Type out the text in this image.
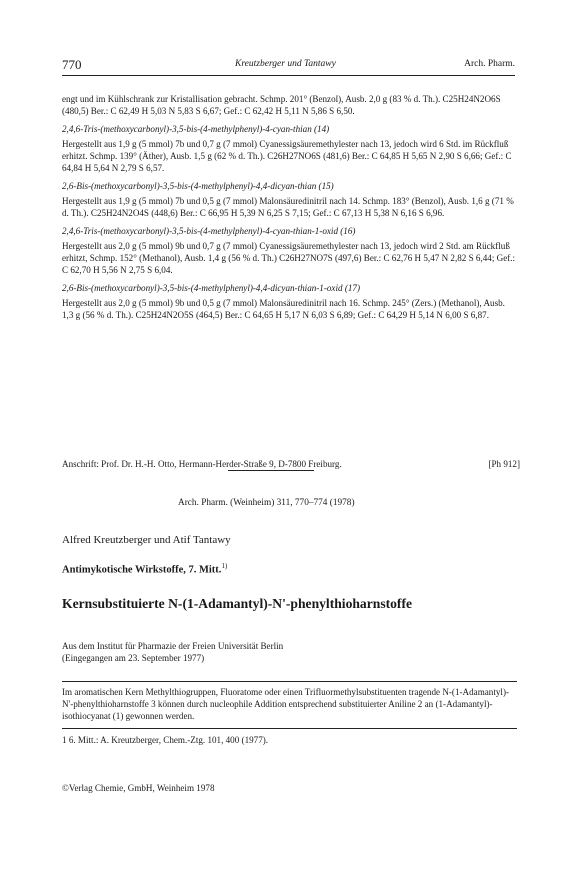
770	Kreutzberger und Tantawy	Arch. Pharm.

engt und im Kühlschrank zur Kristallisation gebracht. Schmp. 201° (Benzol), Ausb. 2,0 g (83 % d. Th.). C25H24N2O6S (480,5) Ber.: C 62,49 H 5,03 N 5,83 S 6,67; Gef.: C 62,42 H 5,11 N 5,86 S 6,50.

2,4,6-Tris-(methoxycarbonyl)-3,5-bis-(4-methylphenyl)-4-cyan-thian (14)

Hergestellt aus 1,9 g (5 mmol) 7b und 0,7 g (7 mmol) Cyanessigsäuremethylester nach 13, jedoch wird 6 Std. im Rückfluß erhitzt. Schmp. 139° (Äther), Ausb. 1,5 g (62 % d. Th.). C26H27NO6S (481,6) Ber.: C 64,85 H 5,65 N 2,90 S 6,66; Gef.: C 64,84 H 5,64 N 2,79 S 6,57.

2,6-Bis-(methoxycarbonyl)-3,5-bis-(4-methylphenyl)-4,4-dicyan-thian (15)

Hergestellt aus 1,9 g (5 mmol) 7b und 0,5 g (7 mmol) Malonsäuredinitril nach 14. Schmp. 183° (Benzol), Ausb. 1,6 g (71 % d. Th.). C25H24N2O4S (448,6) Ber.: C 66,95 H 5,39 N 6,25 S 7,15; Gef.: C 67,13 H 5,38 N 6,16 S 6,96.

2,4,6-Tris-(methoxycarbonyl)-3,5-bis-(4-methylphenyl)-4-cyan-thian-1-oxid (16)

Hergestellt aus 2,0 g (5 mmol) 9b und 0,7 g (7 mmol) Cyanessigsäuremethylester nach 13, jedoch wird 2 Std. am Rückfluß erhitzt, Schmp. 152° (Methanol), Ausb. 1,4 g (56 % d. Th.) C26H27NO7S (497,6) Ber.: C 62,76 H 5,47 N 2,82 S 6,44; Gef.: C 62,70 H 5,56 N 2,75 S 6,04.

2,6-Bis-(methoxycarbonyl)-3,5-bis-(4-methylphenyl)-4,4-dicyan-thian-1-oxid (17)

Hergestellt aus 2,0 g (5 mmol) 9b und 0,5 g (7 mmol) Malonsäuredinitril nach 16. Schmp. 245° (Zers.) (Methanol), Ausb. 1,3 g (56 % d. Th.). C25H24N2O5S (464,5) Ber.: C 64,65 H 5,17 N 6,03 S 6,89; Gef.: C 64,29 H 5,14 N 6,00 S 6,87.

Anschrift: Prof. Dr. H.-H. Otto, Hermann-Herder-Straße 9, D-7800 Freiburg.	[Ph 912]
Arch. Pharm. (Weinheim) 311, 770–774 (1978)
Alfred Kreutzberger und Atif Tantawy
Antimykotische Wirkstoffe, 7. Mitt.$^{1)}$
Kernsubstituierte N-(1-Adamantyl)-N'-phenylthioharnstoffe
Aus dem Institut für Pharmazie der Freien Universität Berlin
(Eingegangen am 23. September 1977)
Im aromatischen Kern Methylthiogruppen, Fluoratome oder einen Trifluormethylsubstituenten tragende N-(1-Adamantyl)-N'-phenylthioharnstoffe 3 können durch nucleophile Addition entsprechend substituierter Aniline 2 an (1-Adamantyl)-isothiocyanat (1) gewonnen werden.
1 6. Mitt.: A. Kreutzberger, Chem.-Ztg. 101, 400 (1977).
©Verlag Chemie, GmbH, Weinheim 1978
